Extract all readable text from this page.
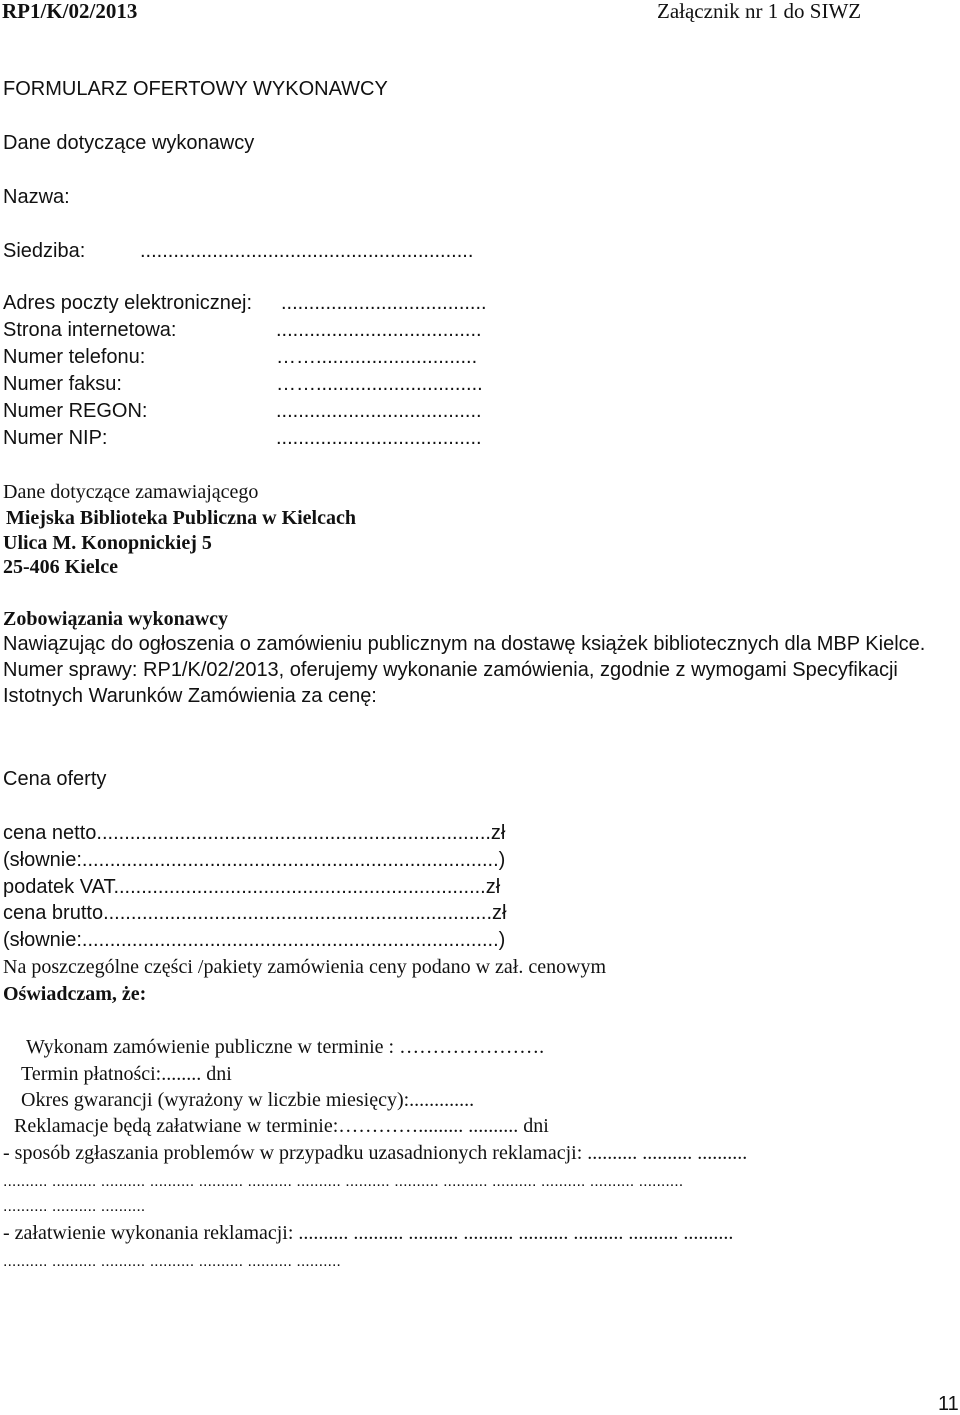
RP1/K/02/2013	Załącznik nr 1 do SIWZ
FORMULARZ OFERTOWY WYKONAWCY
Dane dotyczące wykonawcy
Nazwa:
Siedziba:	............................................................
Adres poczty elektronicznej: .....................................
Strona internetowa:	.....................................
Numer telefonu:	…….............................
Numer faksu:	……..............................
Numer REGON:	.....................................
Numer NIP:	.....................................
Dane dotyczące zamawiającego
Miejska Biblioteka Publiczna w Kielcach
Ulica M. Konopnickiej 5
25-406 Kielce
Zobowiązania wykonawcy
Nawiązując do ogłoszenia o zamówieniu publicznym na dostawę książek bibliotecznych dla MBP Kielce. Numer sprawy: RP1/K/02/2013, oferujemy wykonanie zamówienia, zgodnie z wymogami Specyfikacji Istotnych Warunków Zamówienia za cenę:
Cena oferty
cena netto.......................................................................zł
(słownie:...........................................................................)
podatek VAT...................................................................zł
cena brutto......................................................................zł
(słownie:...........................................................................)
Na poszczególne części /pakiety zamówienia ceny podano w zał. cenowym
Oświadczam, że:
Wykonam zamówienie publiczne w terminie : ………………….
Termin płatności:........ dni
Okres gwarancji (wyrażony w liczbie miesięcy):.............
Reklamacje będą załatwiane w terminie:…………......... .......... dni
- sposób zgłaszania problemów w przypadku uzasadnionych reklamacji: .......... .......... ..........
.......... .......... .......... .......... .......... .......... .......... .......... .......... .......... .......... .......... .......... ..........
.......... .......... ..........
- załatwienie wykonania reklamacji: .......... .......... .......... .......... .......... .......... .......... ..........
.......... .......... .......... .......... .......... .......... ..........
11
